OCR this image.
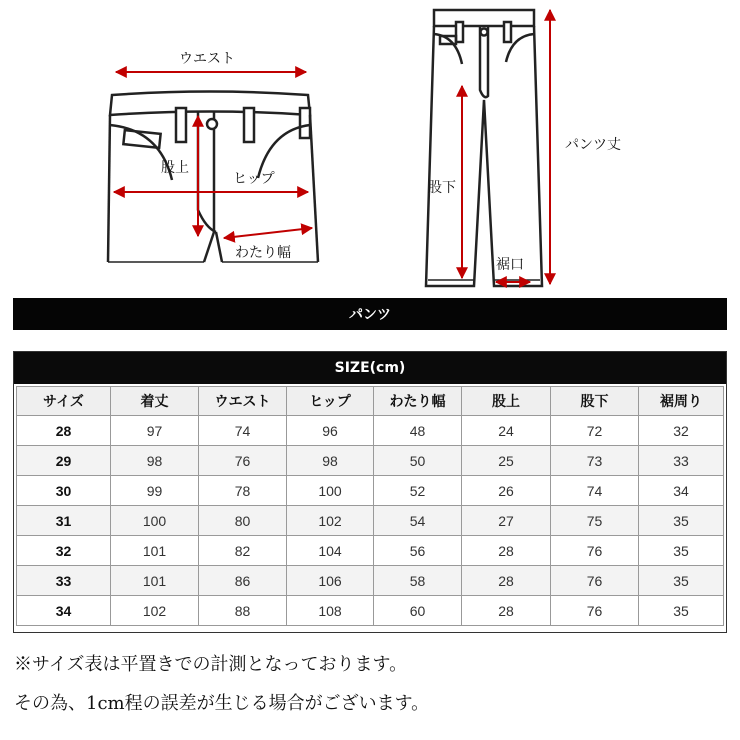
ウエスト
股上
ヒップ
わたり幅
股下
パンツ丈
裾口
パンツ
SIZE(cm)
サイズ	着丈	ウエスト	ヒップ	わたり幅	股上	股下	裾周り
28	97	74	96	48	24	72	32
29	98	76	98	50	25	73	33
30	99	78	100	52	26	74	34
31	100	80	102	54	27	75	35
32	101	82	104	56	28	76	35
33	101	86	106	58	28	76	35
34	102	88	108	60	28	76	35

※サイズ表は平置きでの計測となっております。

その為、1cm程の誤差が生じる場合がございます。
